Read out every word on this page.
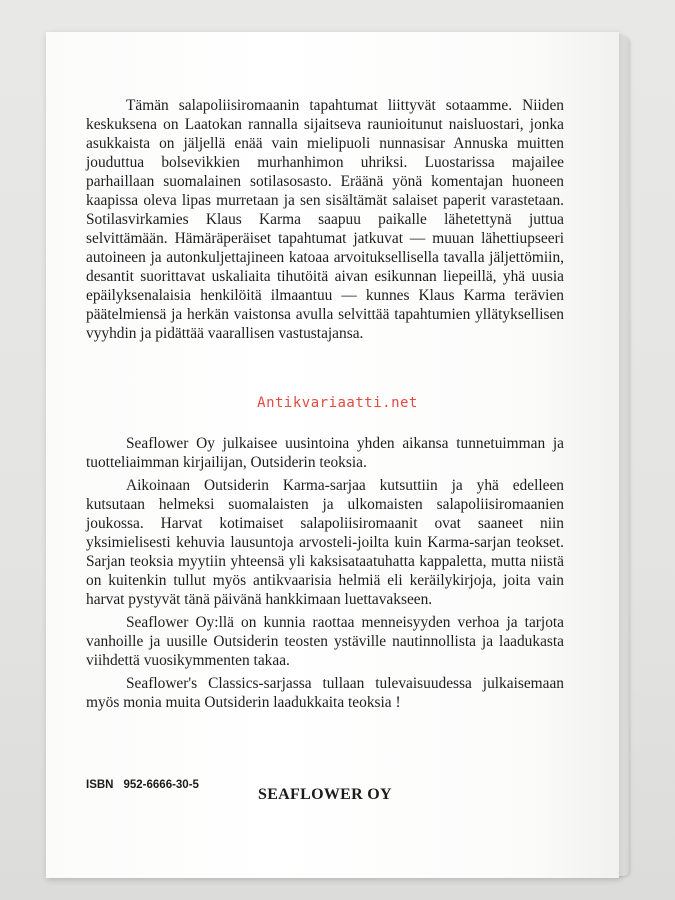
Tämän salapoliisiromaanin tapahtumat liittyvät sotaamme. Niiden keskuksena on Laatokan rannalla sijaitseva raunioitunut naisluostari, jonka asukkaista on jäljellä enää vain mielipuoli nunnasisar Annuska muitten jouduttua bolsevikkien murhanhimon uhriksi. Luostarissa majailee parhaillaan suomalainen sotilasosasto. Eräänä yönä komentajan huoneen kaapissa oleva lipas murretaan ja sen sisältämät salaiset paperit varastetaan. Sotilasvirkamies Klaus Karma saapuu paikalle lähetettynä juttua selvittämään. Hämäräperäiset tapahtumat jatkuvat — muuan lähettiupseeri autoineen ja autonkuljettajineen katoaa arvoituksellisella tavalla jäljettömiin, desantit suorittavat uskaliaita tihutöitä aivan esikunnan liepeillä, yhä uusia epäilyksenalaisia henkilöitä ilmaantuu — kunnes Klaus Karma terävien päätelmiensä ja herkän vaistonsa avulla selvittää tapahtumien yllätyksellisen vyyhdin ja pidättää vaarallisen vastustajansa.

Antikvariaatti.net

Seaflower Oy julkaisee uusintoina yhden aikansa tunnetuimman ja tuotteliaimman kirjailijan, Outsiderin teoksia.

Aikoinaan Outsiderin Karma-sarjaa kutsuttiin ja yhä edelleen kutsutaan helmeksi suomalaisten ja ulkomaisten salapoliisiromaanien joukossa. Harvat kotimaiset salapoliisiromaanit ovat saaneet niin yksimielisesti kehuvia lausuntoja arvosteli-joilta kuin Karma-sarjan teokset. Sarjan teoksia myytiin yhteensä yli kaksisataatuhatta kappaletta, mutta niistä on kuitenkin tullut myös antikvaarisia helmiä eli keräilykirjoja, joita vain harvat pystyvät tänä päivänä hankkimaan luettavakseen.

Seaflower Oy:llä on kunnia raottaa menneisyyden verhoa ja tarjota vanhoille ja uusille Outsiderin teosten ystäville nautinnollista ja laadukasta viihdettä vuosikymmenten takaa.

Seaflower's Classics-sarjassa tullaan tulevaisuudessa julkaisemaan myös monia muita Outsiderin laadukkaita teoksia !

ISBN 952-6666-30-5
SEAFLOWER OY
